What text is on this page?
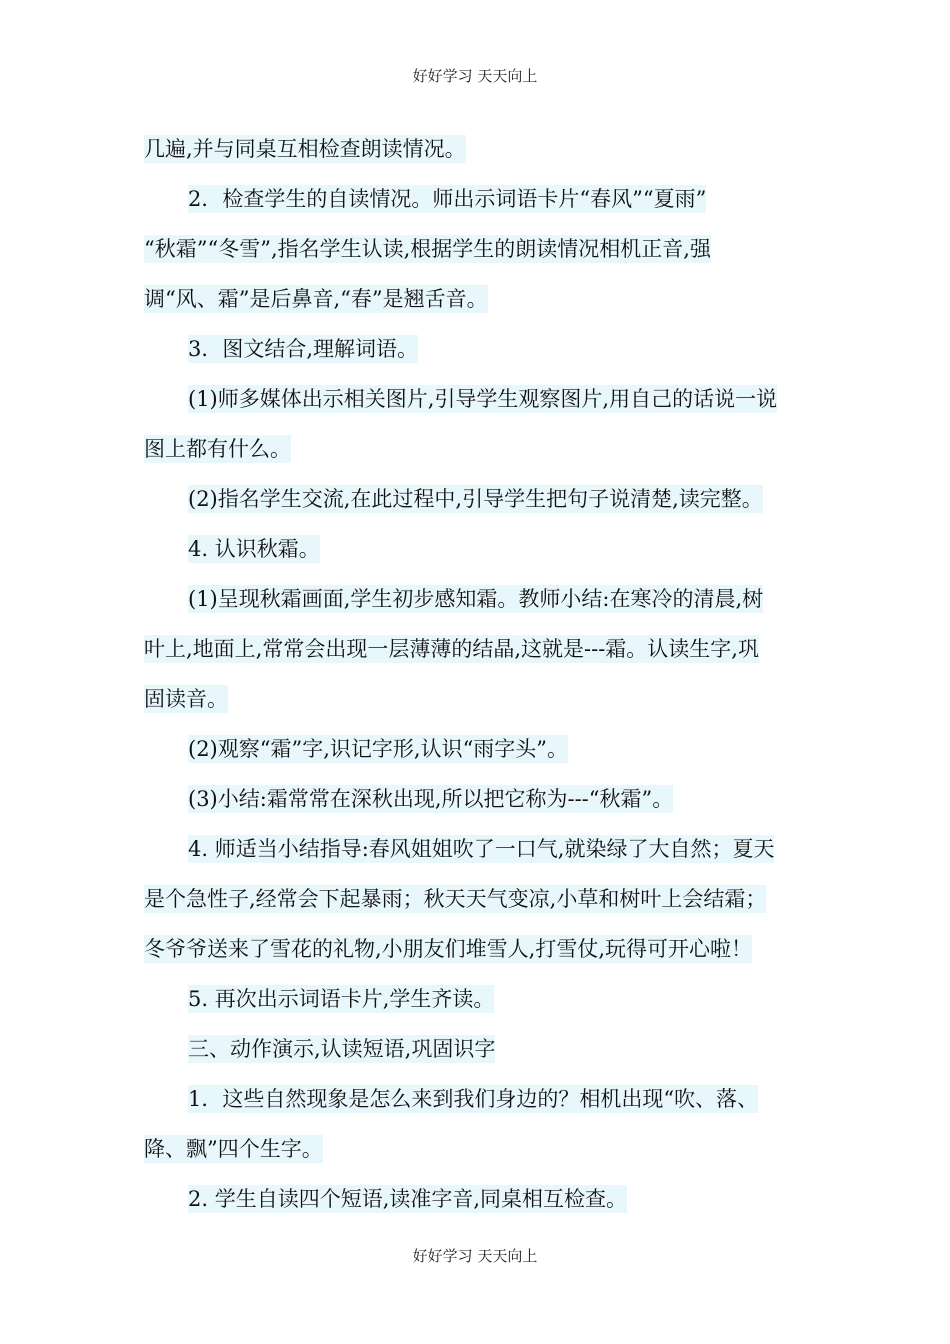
好好学习 天天向上
几遍,并与同桌互相检查朗读情况。
2．检查学生的自读情况。师出示词语卡片“春风”“夏雨”
“秋霜”“冬雪”,指名学生认读,根据学生的朗读情况相机正音,强
调“风、霜”是后鼻音,“春”是翘舌音。
3．图文结合,理解词语。
(1)师多媒体出示相关图片,引导学生观察图片,用自己的话说一说
图上都有什么。
(2)指名学生交流,在此过程中,引导学生把句子说清楚,读完整。
4. 认识秋霜。
(1)呈现秋霜画面,学生初步感知霜。教师小结:在寒冷的清晨,树
叶上,地面上,常常会出现一层薄薄的结晶,这就是---霜。认读生字,巩
固读音。
(2)观察“霜”字,识记字形,认识“雨字头”。
(3)小结:霜常常在深秋出现,所以把它称为---“秋霜”。
4. 师适当小结指导:春风姐姐吹了一口气,就染绿了大自然；夏天
是个急性子,经常会下起暴雨；秋天天气变凉,小草和树叶上会结霜；
冬爷爷送来了雪花的礼物,小朋友们堆雪人,打雪仗,玩得可开心啦！
5. 再次出示词语卡片,学生齐读。
三、动作演示,认读短语,巩固识字
1．这些自然现象是怎么来到我们身边的？相机出现“吹、落、
降、飘”四个生字。
2. 学生自读四个短语,读准字音,同桌相互检查。
好好学习 天天向上
